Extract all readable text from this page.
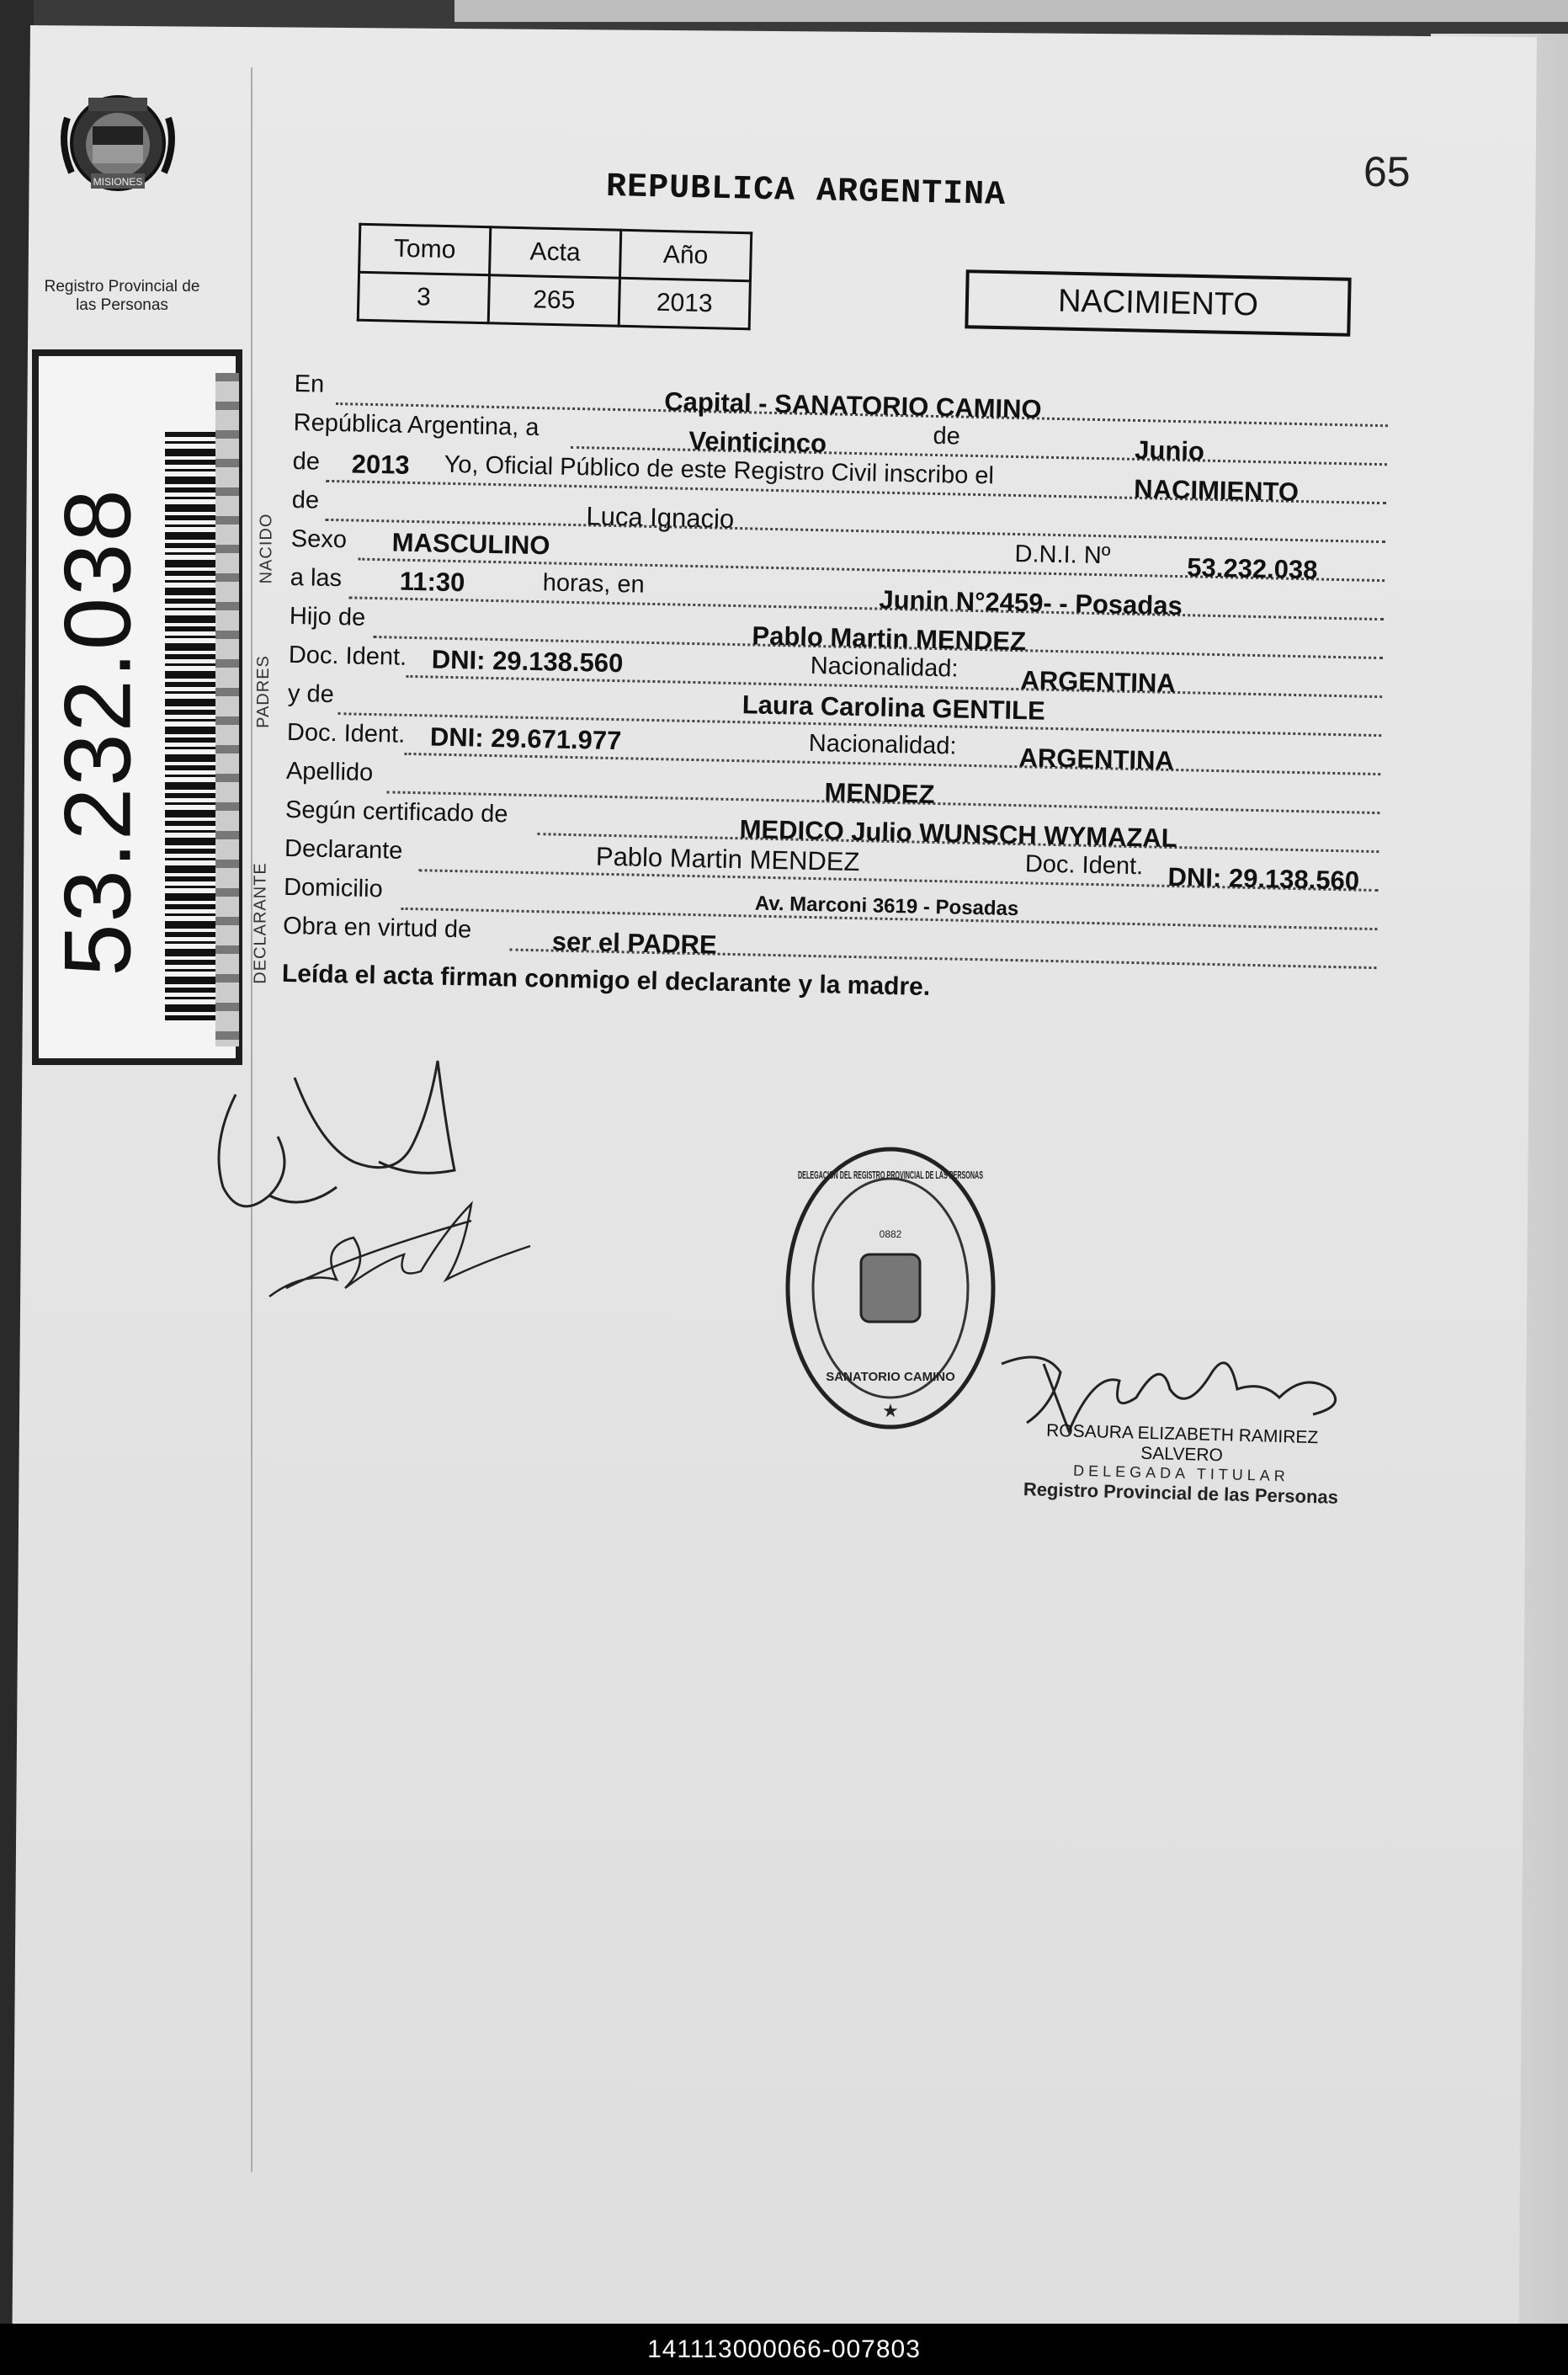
MISIONES
Registro Provincial de las Personas
53.232.038	NACIDO
PADRES
DECLARANTE
REPUBLICA ARGENTINA	65
Tomo	Acta	Año
3	265	2013	NACIMIENTO
En
Capital - SANATORIO CAMINO
República Argentina, a
Veinticinco	de	Junio
de 2013 Yo, Oficial Público de este Registro Civil inscribo el
NACIMIENTO
de
Luca Ignacio
Sexo MASCULINO	D.N.I. Nº	53.232.038
a las 11:30	horas, en
Junin N°2459- - Posadas
Hijo de
Pablo Martin MENDEZ
Doc. Ident. DNI: 29.138.560	Nacionalidad: ARGENTINA
y de	Laura Carolina GENTILE
Doc. Ident. DNI: 29.671.977	Nacionalidad: ARGENTINA
Apellido
MENDEZ
Según certificado de
MEDICO Julio WUNSCH WYMAZAL
Declarante	Pablo Martin MENDEZ	Doc. Ident. DNI: 29.138.560
Domicilio
Av. Marconi 3619 - Posadas
Obra en virtud de	ser el PADRE
Leída el acta firman conmigo el declarante y la madre.
DELEGACION DEL REGISTRO PROVINCIAL DE LAS PERSONAS
SANATORIO CAMINO
0882
★
ROSAURA ELIZABETH RAMIREZ SALVERO
DELEGADA TITULAR
Registro Provincial de las Personas
141113000066-007803
